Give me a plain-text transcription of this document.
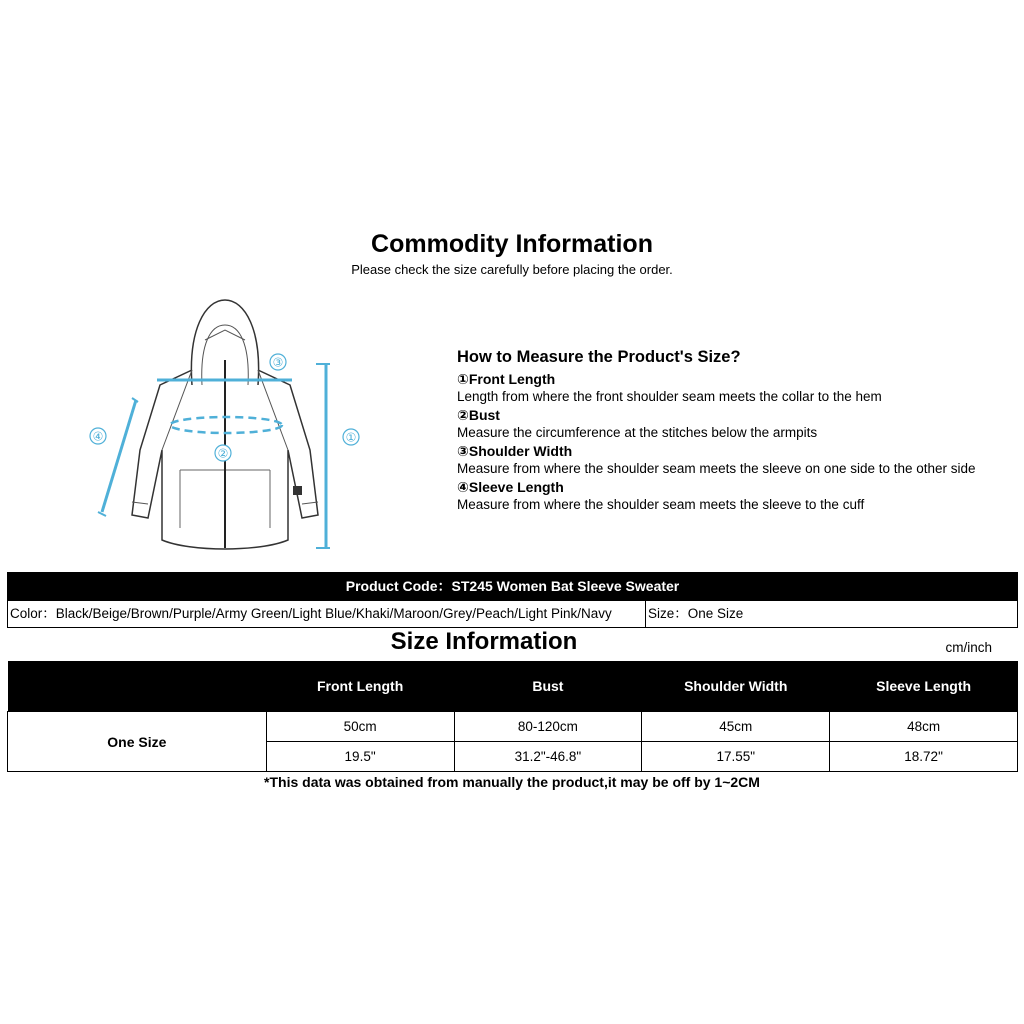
Commodity Information
Please check the size carefully before placing the order.
③
②
①
④
How to Measure the Product's Size?
①Front Length
Length from where the front shoulder seam meets the collar to the hem
②Bust
Measure the circumference at the stitches below the armpits
③Shoulder Width
Measure from where the shoulder seam meets the sleeve on one side to the other side
④Sleeve Length
Measure from where the shoulder seam meets the sleeve to the cuff
Product Code：ST245 Women Bat Sleeve Sweater
Color：Black/Beige/Brown/Purple/Army Green/Light Blue/Khaki/Maroon/Grey/Peach/Light Pink/Navy	Size：One Size
Size Information	cm/inch
	Front Length	Bust	Shoulder Width	Sleeve Length
One Size	50cm	80-120cm	45cm	48cm
	19.5"	31.2"-46.8"	17.55"	18.72"
*This data was obtained from manually the product,it may be off by 1~2CM
